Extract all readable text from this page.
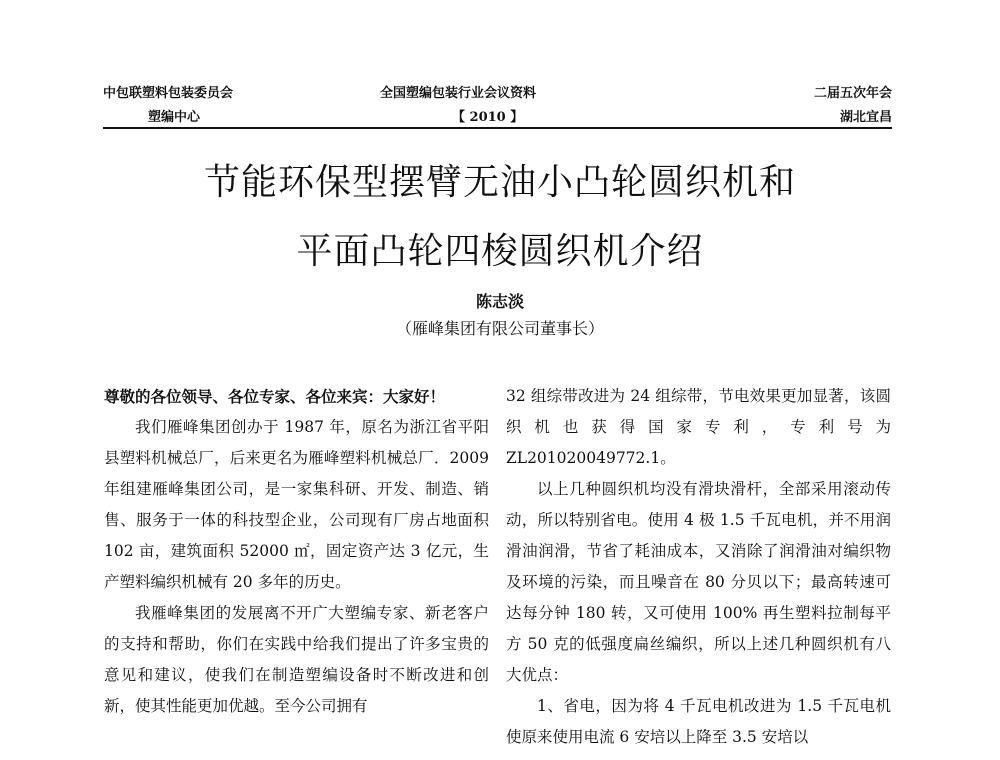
中包联塑料包装委员会
塑编中心
全国塑编包装行业会议资料
【 2010 】
二届五次年会
湖北宜昌
节能环保型摆臂无油小凸轮圆织机和
平面凸轮四梭圆织机介绍
陈志淡
（雁峰集团有限公司董事长）

尊敬的各位领导、各位专家、各位来宾：大家好！

我们雁峰集团创办于 1987 年，原名为浙江省平阳县塑料机械总厂，后来更名为雁峰塑料机械总厂．2009 年组建雁峰集团公司，是一家集科研、开发、制造、销售、服务于一体的科技型企业，公司现有厂房占地面积 102 亩，建筑面积 52000 ㎡，固定资产达 3 亿元，生产塑料编织机械有 20 多年的历史。

我雁峰集团的发展离不开广大塑编专家、新老客户的支持和帮助，你们在实践中给我们提出了许多宝贵的意见和建议，使我们在制造塑编设备时不断改进和创新，使其性能更加优越。至今公司拥有

32 组综带改进为 24 组综带，节电效果更加显著，该圆织机也获得国家专利，专利号为 ZL201020049772.1。

以上几种圆织机均没有滑块滑杆，全部采用滚动传动，所以特别省电。使用 4 极 1.5 千瓦电机，并不用润滑油润滑，节省了耗油成本，又消除了润滑油对编织物及环境的污染，而且噪音在 80 分贝以下；最高转速可达每分钟 180 转，又可使用 100% 再生塑料拉制每平方 50 克的低强度扁丝编织，所以上述几种圆织机有八大优点：

1、省电，因为将 4 千瓦电机改进为 1.5 千瓦电机使原来使用电流 6 安培以上降至 3.5 安培以
